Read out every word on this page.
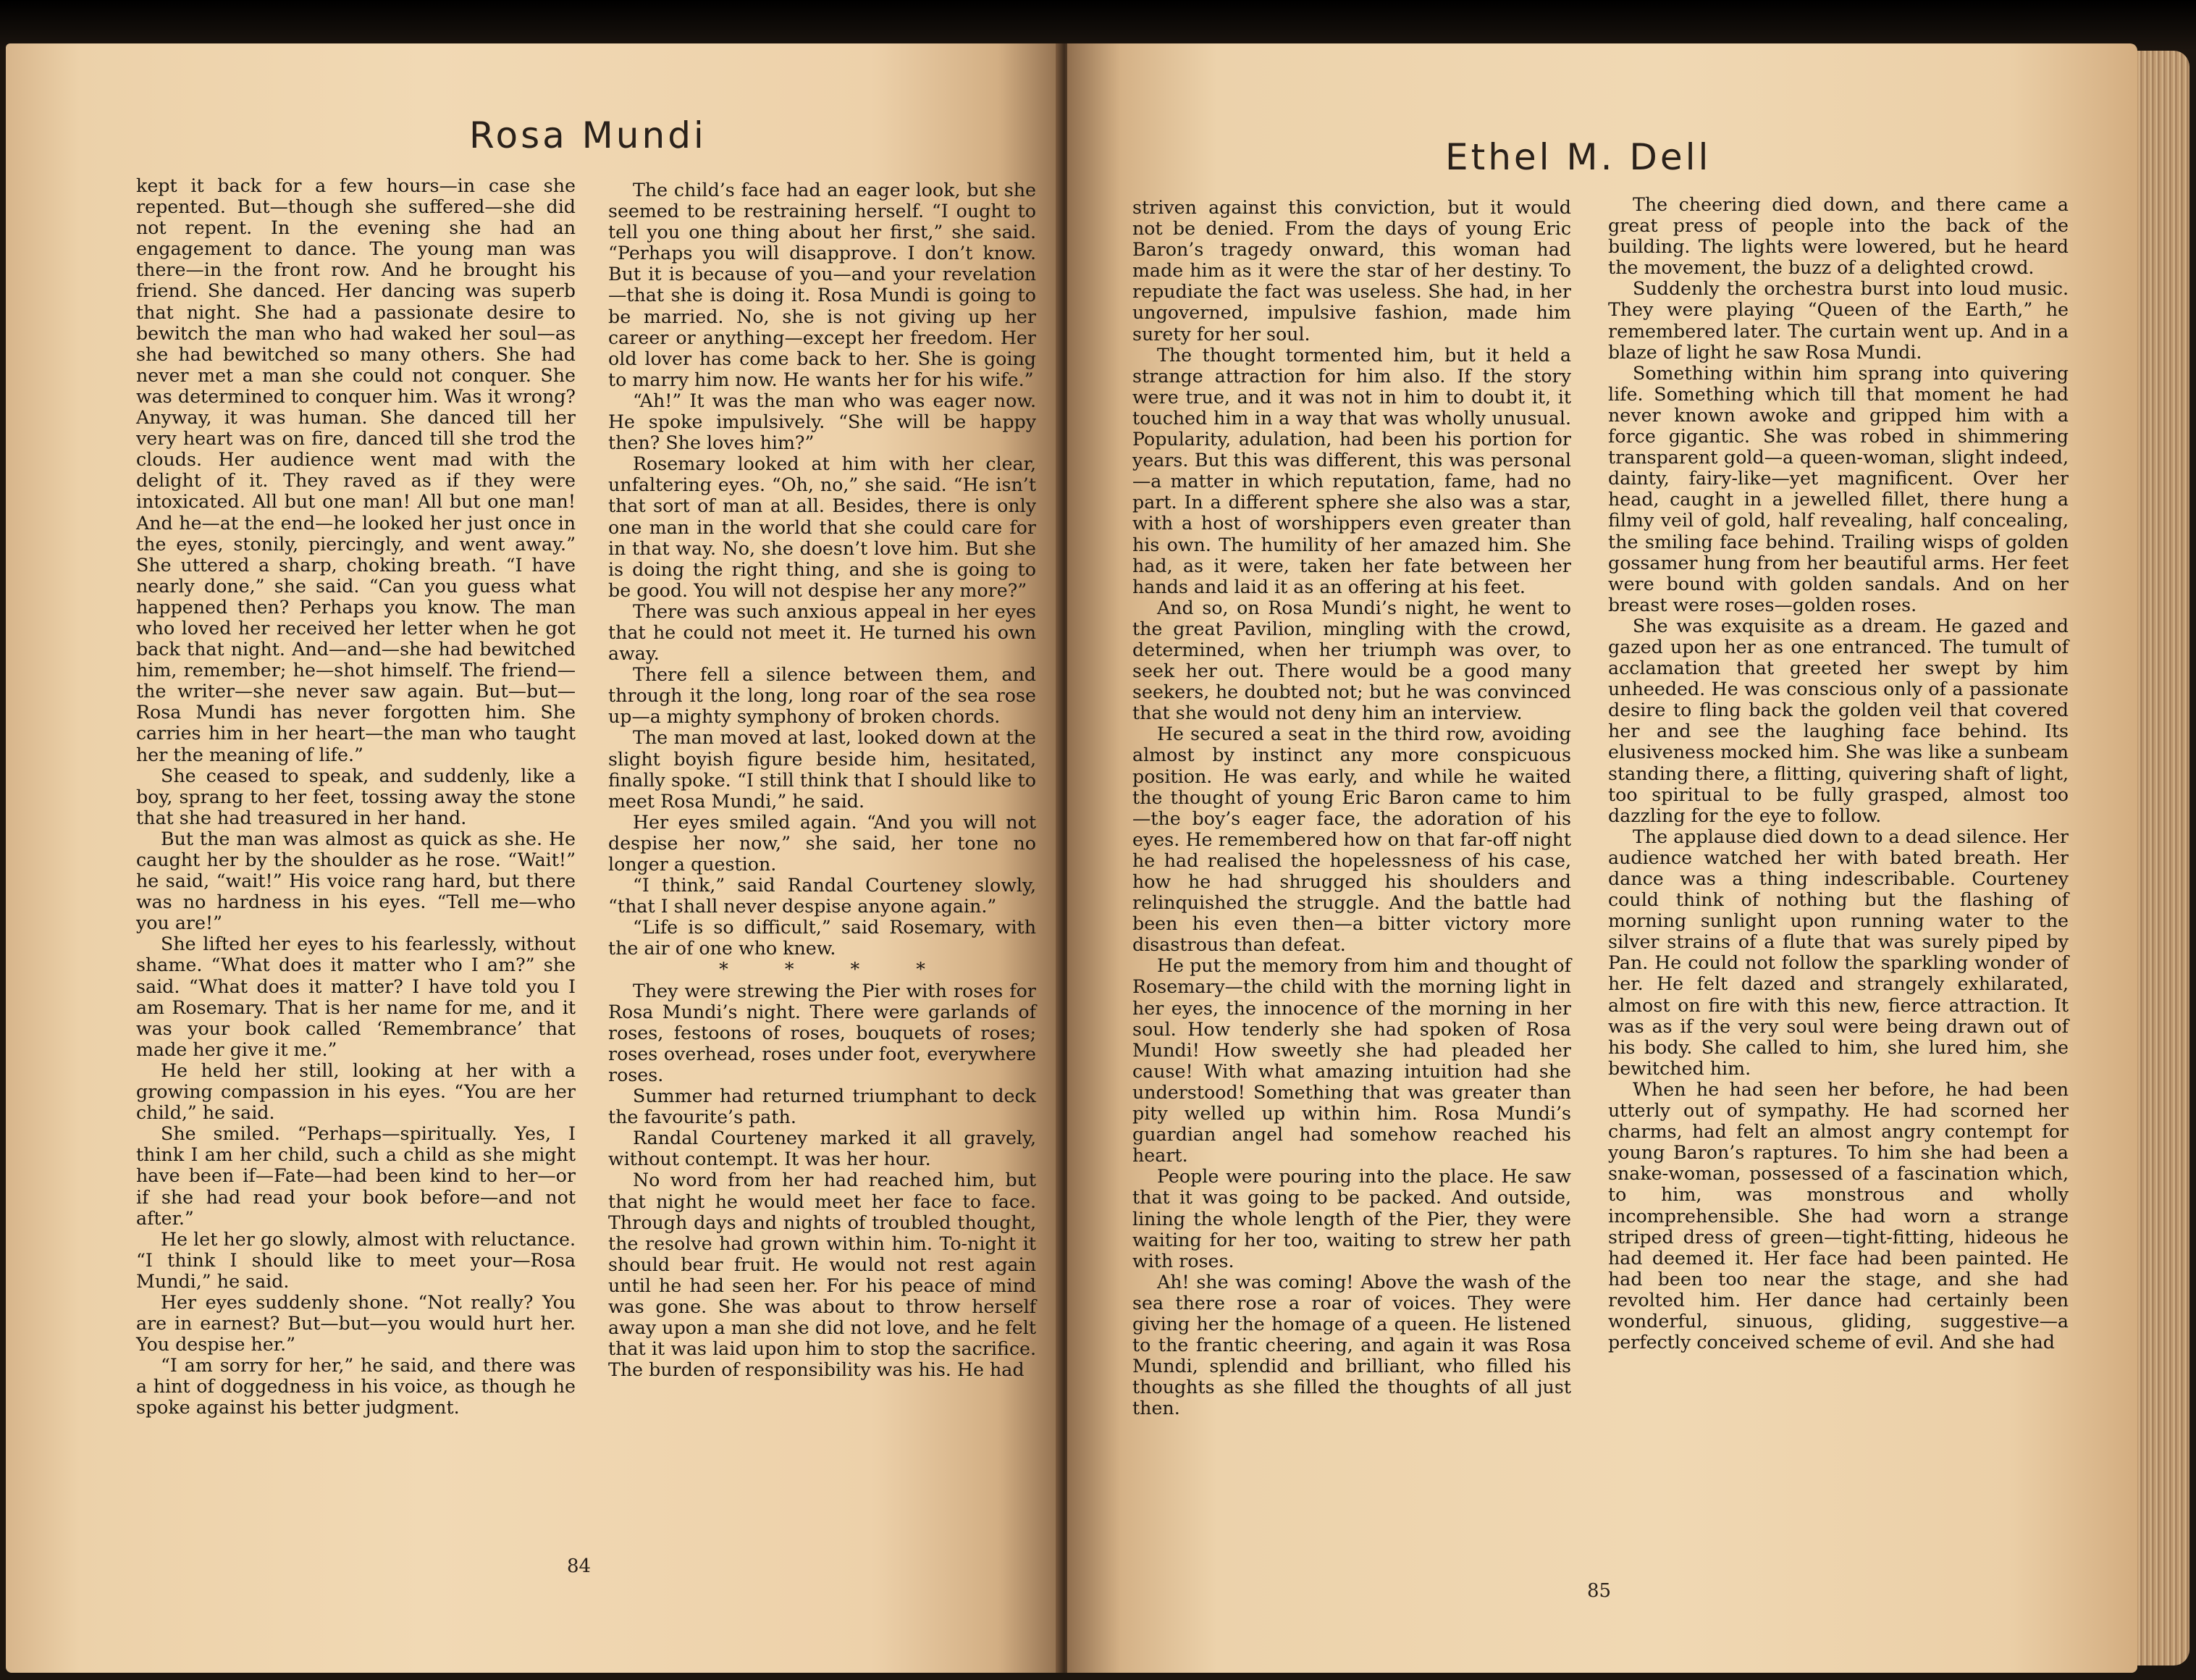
Rosa Mundi

kept it back for a few hours—in case she repented. But—though she suffered—she did not repent. In the evening she had an engagement to dance. The young man was there—in the front row. And he brought his friend. She danced. Her dancing was superb that night. She had a passionate desire to bewitch the man who had waked her soul—as she had bewitched so many others. She had never met a man she could not conquer. She was determined to conquer him. Was it wrong? Anyway, it was human. She danced till her very heart was on fire, danced till she trod the clouds. Her audience went mad with the delight of it. They raved as if they were intoxicated. All but one man! All but one man! And he—at the end—he looked her just once in the eyes, stonily, piercingly, and went away.” She uttered a sharp, choking breath. “I have nearly done,” she said. “Can you guess what happened then? Perhaps you know. The man who loved her received her letter when he got back that night. And—and—she had bewitched him, remember; he—shot himself. The friend—the writer—she never saw again. But—but—Rosa Mundi has never forgotten him. She carries him in her heart—the man who taught her the meaning of life.”

She ceased to speak, and suddenly, like a boy, sprang to her feet, tossing away the stone that she had treasured in her hand.

But the man was almost as quick as she. He caught her by the shoulder as he rose. “Wait!” he said, “wait!” His voice rang hard, but there was no hardness in his eyes. “Tell me—who you are!”

She lifted her eyes to his fearlessly, without shame. “What does it matter who I am?” she said. “What does it matter? I have told you I am Rosemary. That is her name for me, and it was your book called ‘Remembrance’ that made her give it me.”

He held her still, looking at her with a growing compassion in his eyes. “You are her child,” he said.

She smiled. “Perhaps—spiritually. Yes, I think I am her child, such a child as she might have been if—Fate—had been kind to her—or if she had read your book before—and not after.”

He let her go slowly, almost with reluctance. “I think I should like to meet your—Rosa Mundi,” he said.

Her eyes suddenly shone. “Not really? You are in earnest? But—but—you would hurt her. You despise her.”

“I am sorry for her,” he said, and there was a hint of doggedness in his voice, as though he spoke against his better judgment.

The child’s face had an eager look, but she seemed to be restraining herself. “I ought to tell you one thing about her first,” she said. “Perhaps you will disapprove. I don’t know. But it is because of you—and your revelation—that she is doing it. Rosa Mundi is going to be married. No, she is not giving up her career or anything—except her freedom. Her old lover has come back to her. She is going to marry him now. He wants her for his wife.”

“Ah!” It was the man who was eager now. He spoke impulsively. “She will be happy then? She loves him?”

Rosemary looked at him with her clear, unfaltering eyes. “Oh, no,” she said. “He isn’t that sort of man at all. Besides, there is only one man in the world that she could care for in that way. No, she doesn’t love him. But she is doing the right thing, and she is going to be good. You will not despise her any more?”

There was such anxious appeal in her eyes that he could not meet it. He turned his own away.

There fell a silence between them, and through it the long, long roar of the sea rose up—a mighty symphony of broken chords.

The man moved at last, looked down at the slight boyish figure beside him, hesitated, finally spoke. “I still think that I should like to meet Rosa Mundi,” he said.

Her eyes smiled again. “And you will not despise her now,” she said, her tone no longer a question.

“I think,” said Randal Courteney slowly, “that I shall never despise anyone again.”

“Life is so difficult,” said Rosemary, with the air of one who knew.

* * * *

They were strewing the Pier with roses for Rosa Mundi’s night. There were garlands of roses, festoons of roses, bouquets of roses; roses overhead, roses under foot, everywhere roses.

Summer had returned triumphant to deck the favourite’s path.

Randal Courteney marked it all gravely, without contempt. It was her hour.

No word from her had reached him, but that night he would meet her face to face. Through days and nights of troubled thought, the resolve had grown within him. To-night it should bear fruit. He would not rest again until he had seen her. For his peace of mind was gone. She was about to throw herself away upon a man she did not love, and he felt that it was laid upon him to stop the sacrifice. The burden of responsibility was his. He had

84
Ethel M. Dell

striven against this conviction, but it would not be denied. From the days of young Eric Baron’s tragedy onward, this woman had made him as it were the star of her destiny. To repudiate the fact was useless. She had, in her ungoverned, impulsive fashion, made him surety for her soul.

The thought tormented him, but it held a strange attraction for him also. If the story were true, and it was not in him to doubt it, it touched him in a way that was wholly unusual. Popularity, adulation, had been his portion for years. But this was different, this was personal—a matter in which reputation, fame, had no part. In a different sphere she also was a star, with a host of worshippers even greater than his own. The humility of her amazed him. She had, as it were, taken her fate between her hands and laid it as an offering at his feet.

And so, on Rosa Mundi’s night, he went to the great Pavilion, mingling with the crowd, determined, when her triumph was over, to seek her out. There would be a good many seekers, he doubted not; but he was convinced that she would not deny him an interview.

He secured a seat in the third row, avoiding almost by instinct any more conspicuous position. He was early, and while he waited the thought of young Eric Baron came to him—the boy’s eager face, the adoration of his eyes. He remembered how on that far-off night he had realised the hopelessness of his case, how he had shrugged his shoulders and relinquished the struggle. And the battle had been his even then—a bitter victory more disastrous than defeat.

He put the memory from him and thought of Rosemary—the child with the morning light in her eyes, the innocence of the morning in her soul. How tenderly she had spoken of Rosa Mundi! How sweetly she had pleaded her cause! With what amazing intuition had she understood! Something that was greater than pity welled up within him. Rosa Mundi’s guardian angel had somehow reached his heart.

People were pouring into the place. He saw that it was going to be packed. And outside, lining the whole length of the Pier, they were waiting for her too, waiting to strew her path with roses.

Ah! she was coming! Above the wash of the sea there rose a roar of voices. They were giving her the homage of a queen. He listened to the frantic cheering, and again it was Rosa Mundi, splendid and brilliant, who filled his thoughts as she filled the thoughts of all just then.

The cheering died down, and there came a great press of people into the back of the building. The lights were lowered, but he heard the movement, the buzz of a delighted crowd.

Suddenly the orchestra burst into loud music. They were playing “Queen of the Earth,” he remembered later. The curtain went up. And in a blaze of light he saw Rosa Mundi.

Something within him sprang into quivering life. Something which till that moment he had never known awoke and gripped him with a force gigantic. She was robed in shimmering transparent gold—a queen-woman, slight indeed, dainty, fairy-like—yet magnificent. Over her head, caught in a jewelled fillet, there hung a filmy veil of gold, half revealing, half concealing, the smiling face behind. Trailing wisps of golden gossamer hung from her beautiful arms. Her feet were bound with golden sandals. And on her breast were roses—golden roses.

She was exquisite as a dream. He gazed and gazed upon her as one entranced. The tumult of acclamation that greeted her swept by him unheeded. He was conscious only of a passionate desire to fling back the golden veil that covered her and see the laughing face behind. Its elusiveness mocked him. She was like a sunbeam standing there, a flitting, quivering shaft of light, too spiritual to be fully grasped, almost too dazzling for the eye to follow.

The applause died down to a dead silence. Her audience watched her with bated breath. Her dance was a thing indescribable. Courteney could think of nothing but the flashing of morning sunlight upon running water to the silver strains of a flute that was surely piped by Pan. He could not follow the sparkling wonder of her. He felt dazed and strangely exhilarated, almost on fire with this new, fierce attraction. It was as if the very soul were being drawn out of his body. She called to him, she lured him, she bewitched him.

When he had seen her before, he had been utterly out of sympathy. He had scorned her charms, had felt an almost angry contempt for young Baron’s raptures. To him she had been a snake-woman, possessed of a fascination which, to him, was monstrous and wholly incomprehensible. She had worn a strange striped dress of green—tight-fitting, hideous he had deemed it. Her face had been painted. He had been too near the stage, and she had revolted him. Her dance had certainly been wonderful, sinuous, gliding, suggestive—a perfectly conceived scheme of evil. And she had

85
